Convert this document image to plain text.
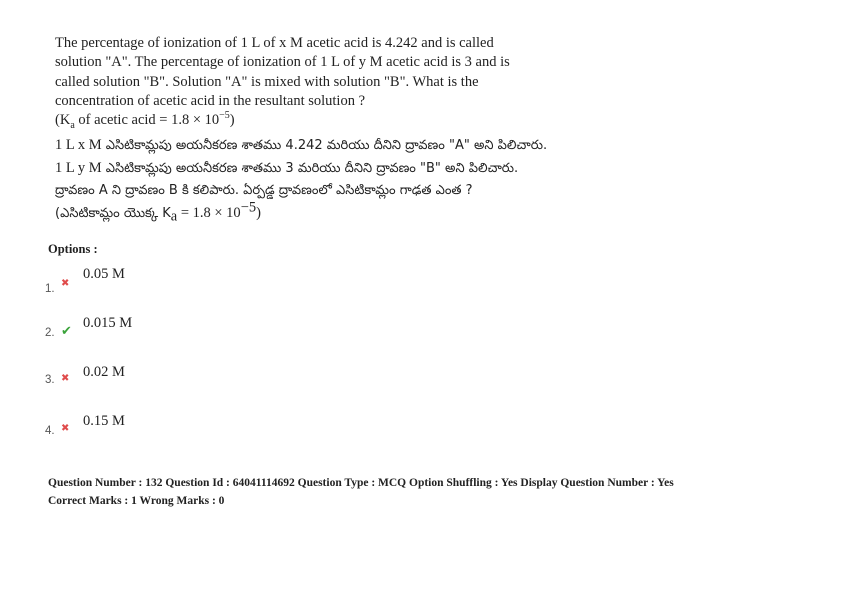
The percentage of ionization of 1 L of x M acetic acid is 4.242 and is called

solution "A". The percentage of ionization of 1 L of y M acetic acid is 3 and is

called solution "B". Solution "A" is mixed with solution "B". What is the

concentration of acetic acid in the resultant solution ?

($K_a$ of acetic acid = $1.8 \times 10^{-5}$)

1 L x M ఎసిటికామ్లపు అయనీకరణ శాతము 4.242 మరియు దీనిని ద్రావణం "A" అని పిలిచారు.

1 L y M ఎసిటికామ్లపు అయనీకరణ శాతము 3 మరియు దీనిని ద్రావణం "B" అని పిలిచారు.

ద్రావణం A ని ద్రావణం B కి కలిపారు. ఏర్పడ్డ ద్రావణంలో ఎసిటికామ్లం గాఢత ఎంత ?

(ఎసిటికామ్లం యొక్క $K_a = 1.8 \times 10^{-5}$)

Options :
1. ✖
0.05 M
2. ✔ 0.015 M
3. ✖ 0.02 M
4. ✖ 0.15 M

Question Number : 132 Question Id : 64041114692 Question Type : MCQ Option Shuffling : Yes Display Question Number : Yes

Correct Marks : 1 Wrong Marks : 0
